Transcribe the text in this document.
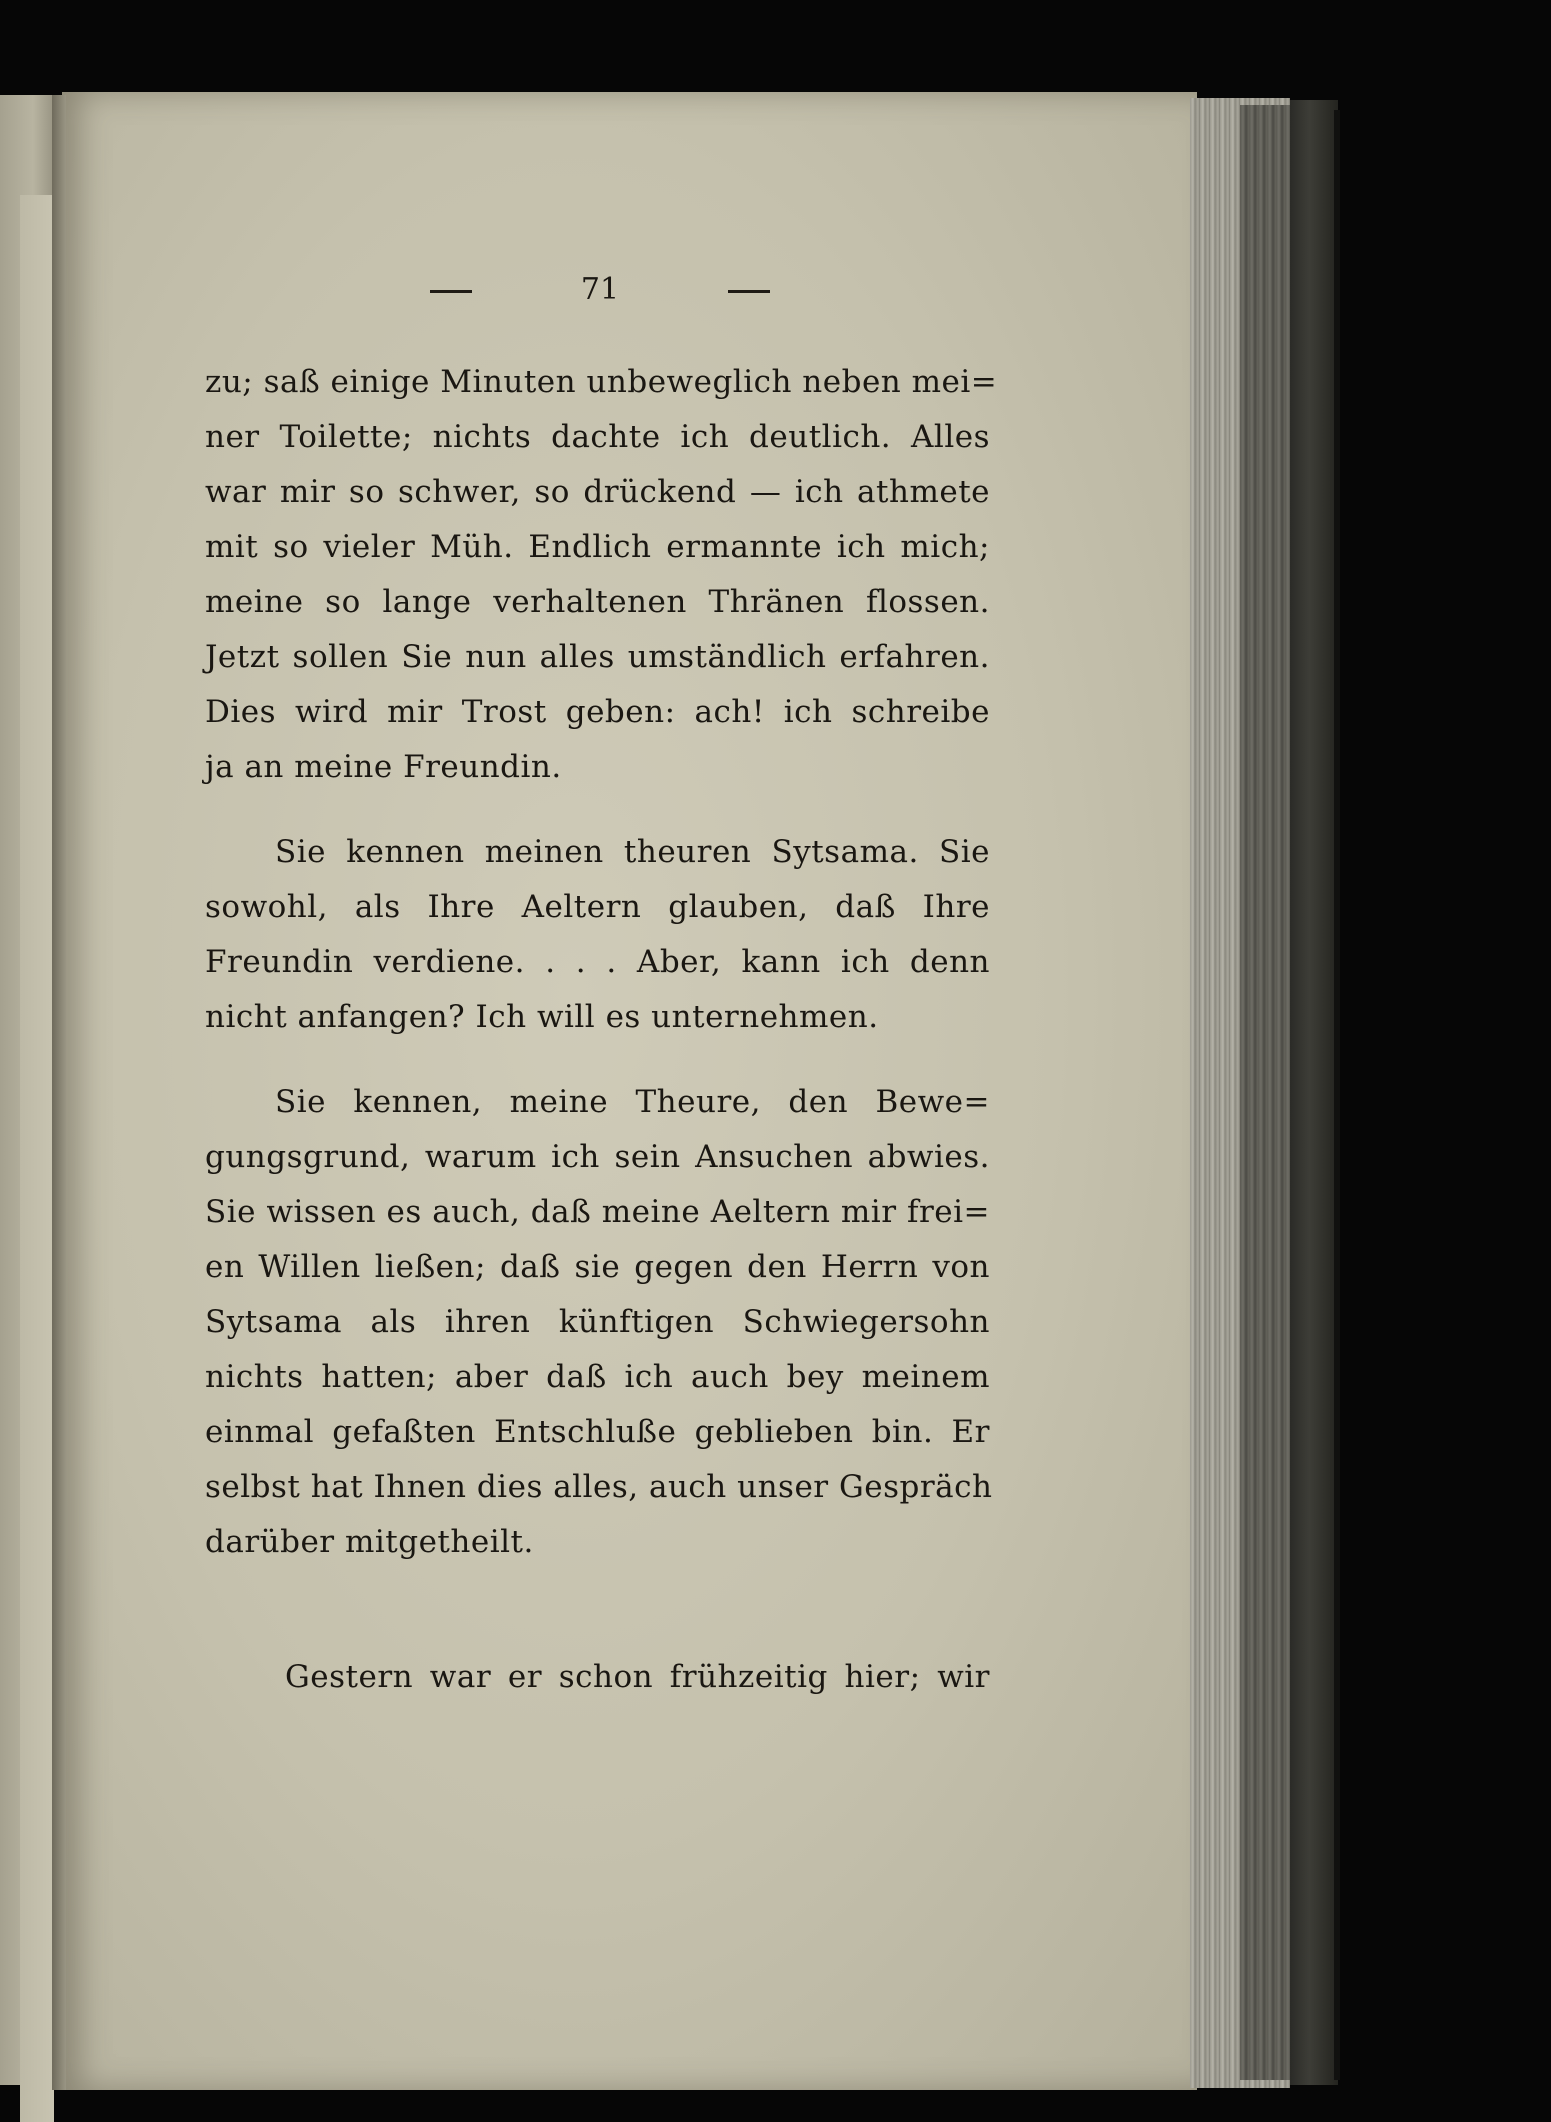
71
zu; saß einige Minuten unbeweglich neben mei=
ner Toilette; nichts dachte ich deutlich. Alles
war mir so schwer, so drückend — ich athmete
mit so vieler Müh. Endlich ermannte ich mich;
meine so lange verhaltenen Thränen flossen.
Jetzt sollen Sie nun alles umständlich erfahren.
Dies wird mir Trost geben: ach! ich schreibe
ja an meine Freundin.
Sie kennen meinen theuren Sytsama. Sie
sowohl, als Ihre Aeltern glauben, daß Ihre
Freundin verdiene. . . . Aber, kann ich denn
nicht anfangen? Ich will es unternehmen.
Sie kennen, meine Theure, den Bewe=
gungsgrund, warum ich sein Ansuchen abwies.
Sie wissen es auch, daß meine Aeltern mir frei=
en Willen ließen; daß sie gegen den Herrn von
Sytsama als ihren künftigen Schwiegersohn
nichts hatten; aber daß ich auch bey meinem
einmal gefaßten Entschluße geblieben bin. Er
selbst hat Ihnen dies alles, auch unser Gespräch
darüber mitgetheilt.
Gestern war er schon frühzeitig hier; wir
